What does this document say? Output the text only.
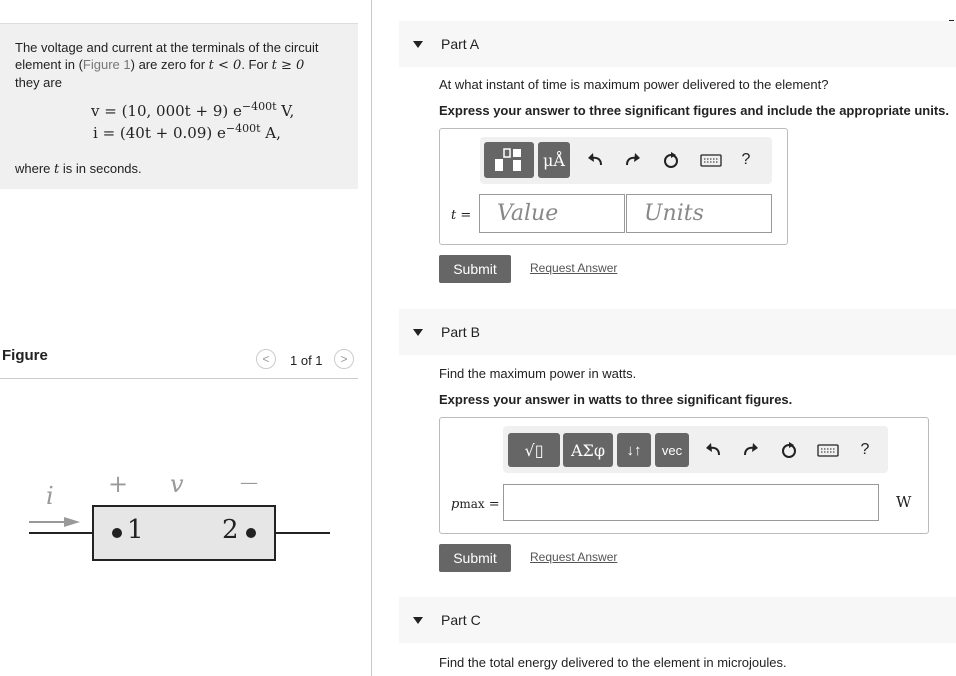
The voltage and current at the terminals of the circuit
element in (Figure 1) are zero for t < 0. For t ≥ 0
they are
v = (10, 000t + 9) $e^{-400t}$ V,
i = (40t + 0.09) $e^{-400t}$ A,
where t is in seconds.
Figure	< 1 of 1 >
i + v	—
1	2
Part A
At what instant of time is maximum power delivered to the element?
Express your answer to three significant figures and include the appropriate units.
μÅ	?
t = Value	Units
Submit	Request Answer
Part B
Find the maximum power in watts.
Express your answer in watts to three significant figures.
√▯	ΑΣφ	↓↑	vec	?
pmax =	W
Submit	Request Answer
Part C
Find the total energy delivered to the element in microjoules.
